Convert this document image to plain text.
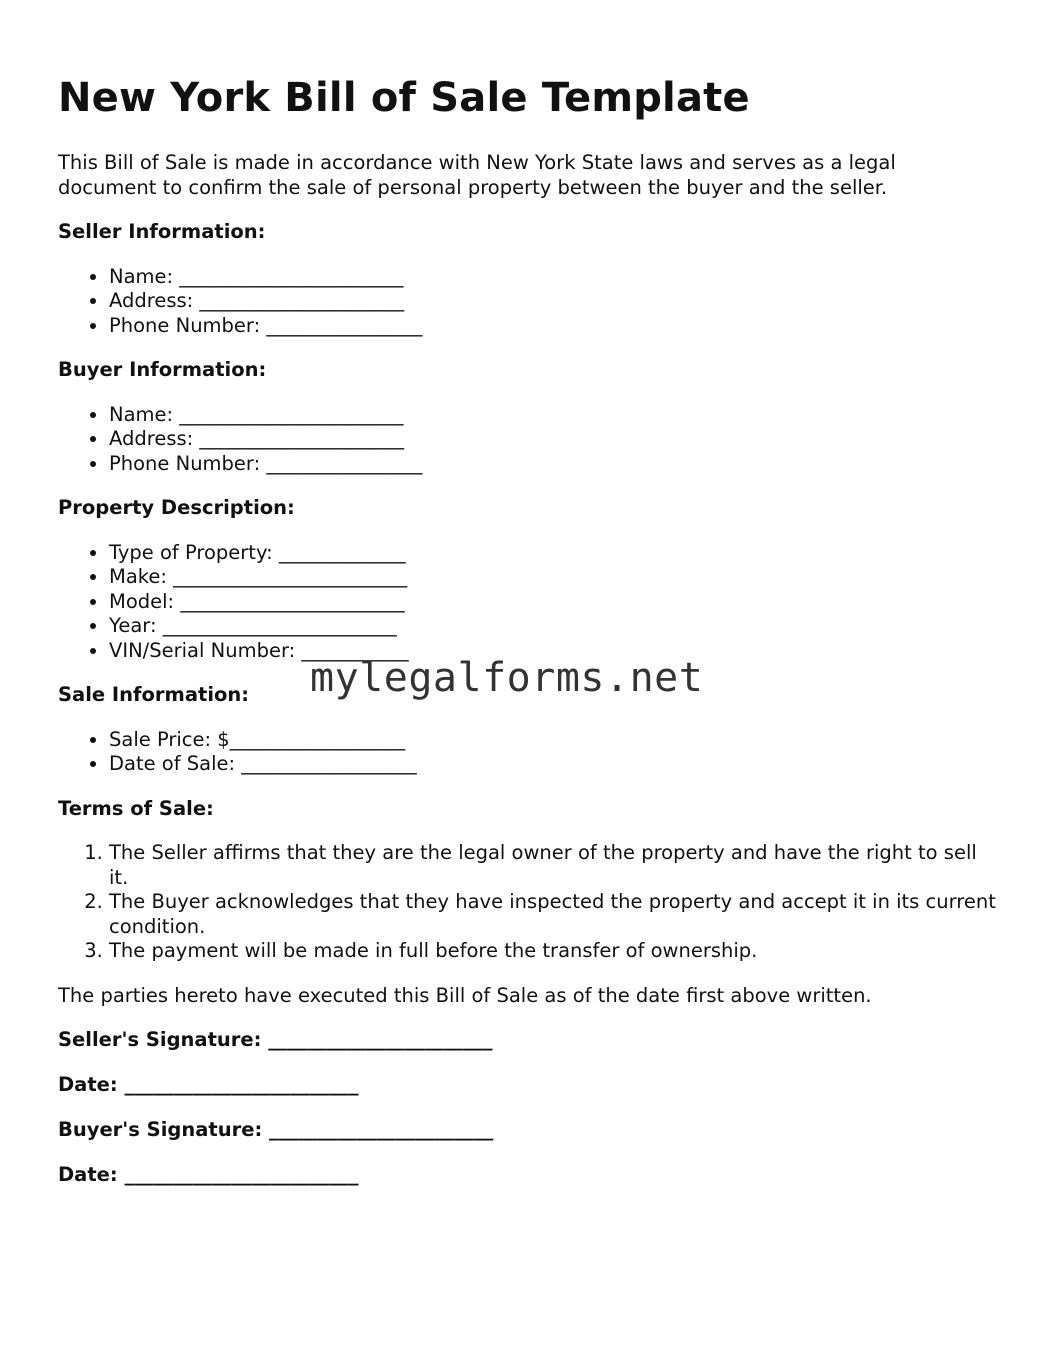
New York Bill of Sale Template

This Bill of Sale is made in accordance with New York State laws and serves as a legal document to confirm the sale of personal property between the buyer and the seller.

Seller Information:
• Name: _______________________
• Address: _____________________
• Phone Number: ________________
Buyer Information:
• Name: _______________________
• Address: _____________________
• Phone Number: ________________
Property Description:
• Type of Property: _____________
• Make: ________________________
• Model: _______________________
• Year: ________________________
• VIN/Serial Number: ___________
Sale Information:
• Sale Price: $__________________
• Date of Sale: __________________
Terms of Sale:
1. The Seller affirms that they are the legal owner of the property and have the right to sell it.
2. The Buyer acknowledges that they have inspected the property and accept it in its current condition.
3. The payment will be made in full before the transfer of ownership.

The parties hereto have executed this Bill of Sale as of the date first above written.

Seller's Signature: _______________________
Date: ________________________
Buyer's Signature: _______________________
Date: ________________________
mylegalforms.net
